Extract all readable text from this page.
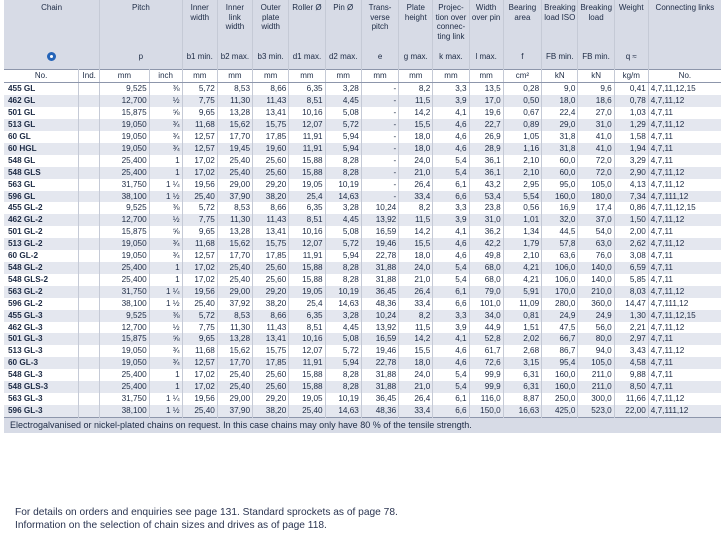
Chain		Pitch		Inner width	Inner link width	Outer plate width	Roller Ø	Pin Ø	Trans-verse pitch	Plate height	Projec-tion over connec-ting link	Width over pin	Bearing area	Breaking load ISO	Breaking load	Weight	Connecting links
		p		b1 min.	b2 max.	b3 min.	d1 max.	d2 max.	e	g max.	k max.	l max.	f	FB min.	FB min.	q ≈	
No.	Ind.	mm	inch	mm	mm	mm	mm	mm	mm	mm	mm	mm	cm²	kN	kN	kg/m	No.
455 GL		9,525	⅜	5,72	8,53	8,66	6,35	3,28	-	8,2	3,3	13,5	0,28	9,0	9,6	0,41	4,7,11,12,15
462 GL		12,700	½	7,75	11,30	11,43	8,51	4,45	-	11,5	3,9	17,0	0,50	18,0	18,6	0,78	4,7,11,12
501 GL		15,875	⅝	9,65	13,28	13,41	10,16	5,08	-	14,2	4,1	19,6	0,67	22,4	27,0	1,03	4,7,11
513 GL		19,050	¾	11,68	15,62	15,75	12,07	5,72	-	15,5	4,6	22,7	0,89	29,0	31,0	1,29	4,7,11,12
60 GL		19,050	¾	12,57	17,70	17,85	11,91	5,94	-	18,0	4,6	26,9	1,05	31,8	41,0	1,58	4,7,11
60 HGL		19,050	¾	12,57	19,45	19,60	11,91	5,94	-	18,0	4,6	28,9	1,16	31,8	41,0	1,94	4,7,11
548 GL		25,400	1	17,02	25,40	25,60	15,88	8,28	-	24,0	5,4	36,1	2,10	60,0	72,0	3,29	4,7,11
548 GLS		25,400	1	17,02	25,40	25,60	15,88	8,28	-	21,0	5,4	36,1	2,10	60,0	72,0	2,90	4,7,11,12
563 GL		31,750	1 ¼	19,56	29,00	29,20	19,05	10,19	-	26,4	6,1	43,2	2,95	95,0	105,0	4,13	4,7,11,12
596 GL		38,100	1 ½	25,40	37,90	38,20	25,4	14,63	-	33,4	6,6	53,4	5,54	160,0	180,0	7,34	4,7,111,12
455 GL-2		9,525	⅜	5,72	8,53	8,66	6,35	3,28	10,24	8,2	3,3	23,8	0,56	16,9	17,4	0,86	4,7,11,12,15
462 GL-2		12,700	½	7,75	11,30	11,43	8,51	4,45	13,92	11,5	3,9	31,0	1,01	32,0	37,0	1,50	4,7,11,12
501 GL-2		15,875	⅝	9,65	13,28	13,41	10,16	5,08	16,59	14,2	4,1	36,2	1,34	44,5	54,0	2,00	4,7,11
513 GL-2		19,050	¾	11,68	15,62	15,75	12,07	5,72	19,46	15,5	4,6	42,2	1,79	57,8	63,0	2,62	4,7,11,12
60 GL-2		19,050	¾	12,57	17,70	17,85	11,91	5,94	22,78	18,0	4,6	49,8	2,10	63,6	76,0	3,08	4,7,11
548 GL-2		25,400	1	17,02	25,40	25,60	15,88	8,28	31,88	24,0	5,4	68,0	4,21	106,0	140,0	6,59	4,7,11
548 GLS-2		25,400	1	17,02	25,40	25,60	15,88	8,28	31,88	21,0	5,4	68,0	4,21	106,0	140,0	5,85	4,7,11
563 GL-2		31,750	1 ¼	19,56	29,00	29,20	19,05	10,19	36,45	26,4	6,1	79,0	5,91	170,0	210,0	8,03	4,7,11,12
596 GL-2		38,100	1 ½	25,40	37,92	38,20	25,4	14,63	48,36	33,4	6,6	101,0	11,09	280,0	360,0	14,47	4,7,111,12
455 GL-3		9,525	⅜	5,72	8,53	8,66	6,35	3,28	10,24	8,2	3,3	34,0	0,81	24,9	24,9	1,30	4,7,11,12,15
462 GL-3		12,700	½	7,75	11,30	11,43	8,51	4,45	13,92	11,5	3,9	44,9	1,51	47,5	56,0	2,21	4,7,11,12
501 GL-3		15,875	⅝	9,65	13,28	13,41	10,16	5,08	16,59	14,2	4,1	52,8	2,02	66,7	80,0	2,97	4,7,11
513 GL-3		19,050	¾	11,68	15,62	15,75	12,07	5,72	19,46	15,5	4,6	61,7	2,68	86,7	94,0	3,43	4,7,11,12
60 GL-3		19,050	¾	12,57	17,70	17,85	11,91	5,94	22,78	18,0	4,6	72,6	3,15	95,4	105,0	4,58	4,7,11
548 GL-3		25,400	1	17,02	25,40	25,60	15,88	8,28	31,88	24,0	5,4	99,9	6,31	160,0	211,0	9,88	4,7,11
548 GLS-3		25,400	1	17,02	25,40	25,60	15,88	8,28	31,88	21,0	5,4	99,9	6,31	160,0	211,0	8,50	4,7,11
563 GL-3		31,750	1 ¼	19,56	29,00	29,20	19,05	10,19	36,45	26,4	6,1	116,0	8,87	250,0	300,0	11,66	4,7,11,12
596 GL-3		38,100	1 ½	25,40	37,90	38,20	25,40	14,63	48,36	33,4	6,6	150,0	16,63	425,0	523,0	22,00	4,7,111,12
Electrogalvanised or nickel-plated chains on request. In this case chains may only have 80 % of the tensile strength.																	
For details on orders and enquiries see page 131. Standard sprockets as of page 78.
Information on the selection of chain sizes and drives as of page 118.
